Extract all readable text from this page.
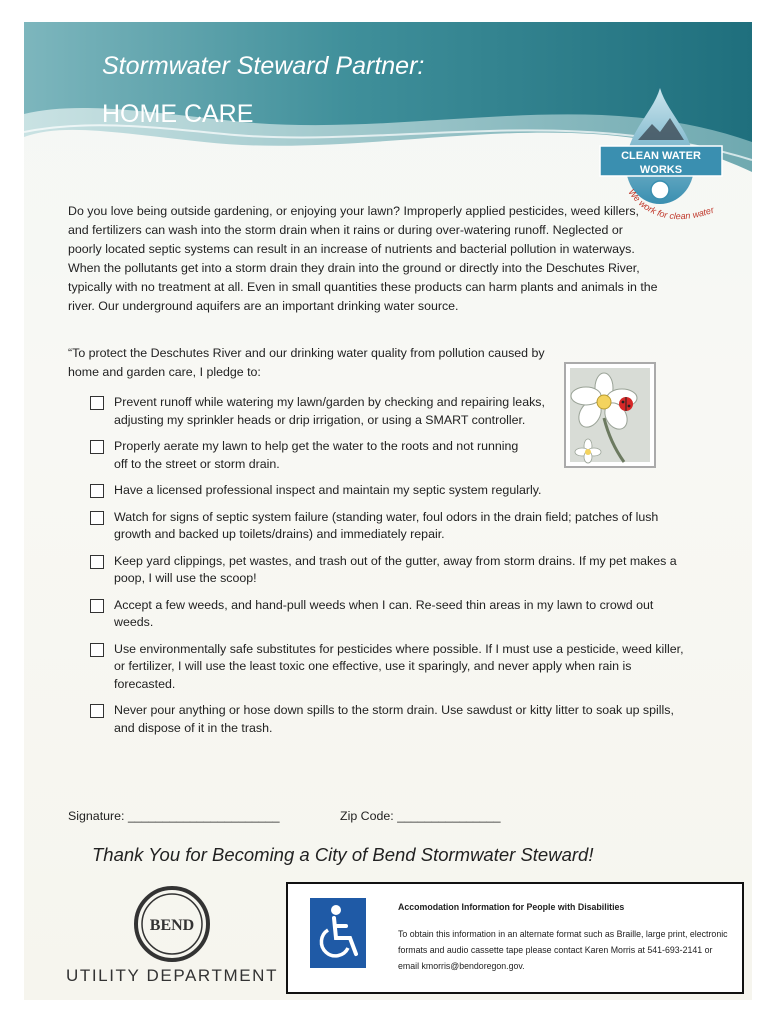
Stormwater Steward Partner:
HOME CARE
CLEAN WATER
WORKS
We work for clean water
Do you love being outside gardening, or enjoying your lawn? Improperly applied pesticides, weed killers, and fertilizers can wash into the storm drain when it rains or during over-watering runoff. Neglected or poorly located septic systems can result in an increase of nutrients and bacterial pollution in waterways. When the pollutants get into a storm drain they drain into the ground or directly into the Deschutes River, typically with no treatment at all. Even in small quantities these products can harm plants and animals in the river. Our underground aquifers are an important drinking water source.
“To protect the Deschutes River and our drinking water quality from pollution caused by home and garden care, I pledge to:
Prevent runoff while watering my lawn/garden by checking and repairing leaks, adjusting my sprinkler heads or drip irrigation, or using a SMART controller.
Properly aerate my lawn to help get the water to the roots and not running off to the street or storm drain.
Have a licensed professional inspect and maintain my septic system regularly.
Watch for signs of septic system failure (standing water, foul odors in the drain field; patches of lush growth and backed up toilets/drains) and immediately repair.
Keep yard clippings, pet wastes, and trash out of the gutter, away from storm drains. If my pet makes a poop, I will use the scoop!
Accept a few weeds, and hand-pull weeds when I can. Re-seed thin areas in my lawn to crowd out weeds.
Use environmentally safe substitutes for pesticides where possible. If I must use a pesticide, weed killer, or fertilizer, I will use the least toxic one effective, use it sparingly, and never apply when rain is forecasted.
Never pour anything or hose down spills to the storm drain. Use sawdust or kitty litter to soak up spills, and dispose of it in the trash.
Signature: ______________________	Zip Code: _______________
Thank You for Becoming a City of Bend Stormwater Steward!
BEND
UTILITY DEPARTMENT
Accomodation Information for People with Disabilities
To obtain this information in an alternate format such as Braille, large print, electronic formats and audio cassette tape please contact Karen Morris at 541-693-2141 or email kmorris@bendoregon.gov.
